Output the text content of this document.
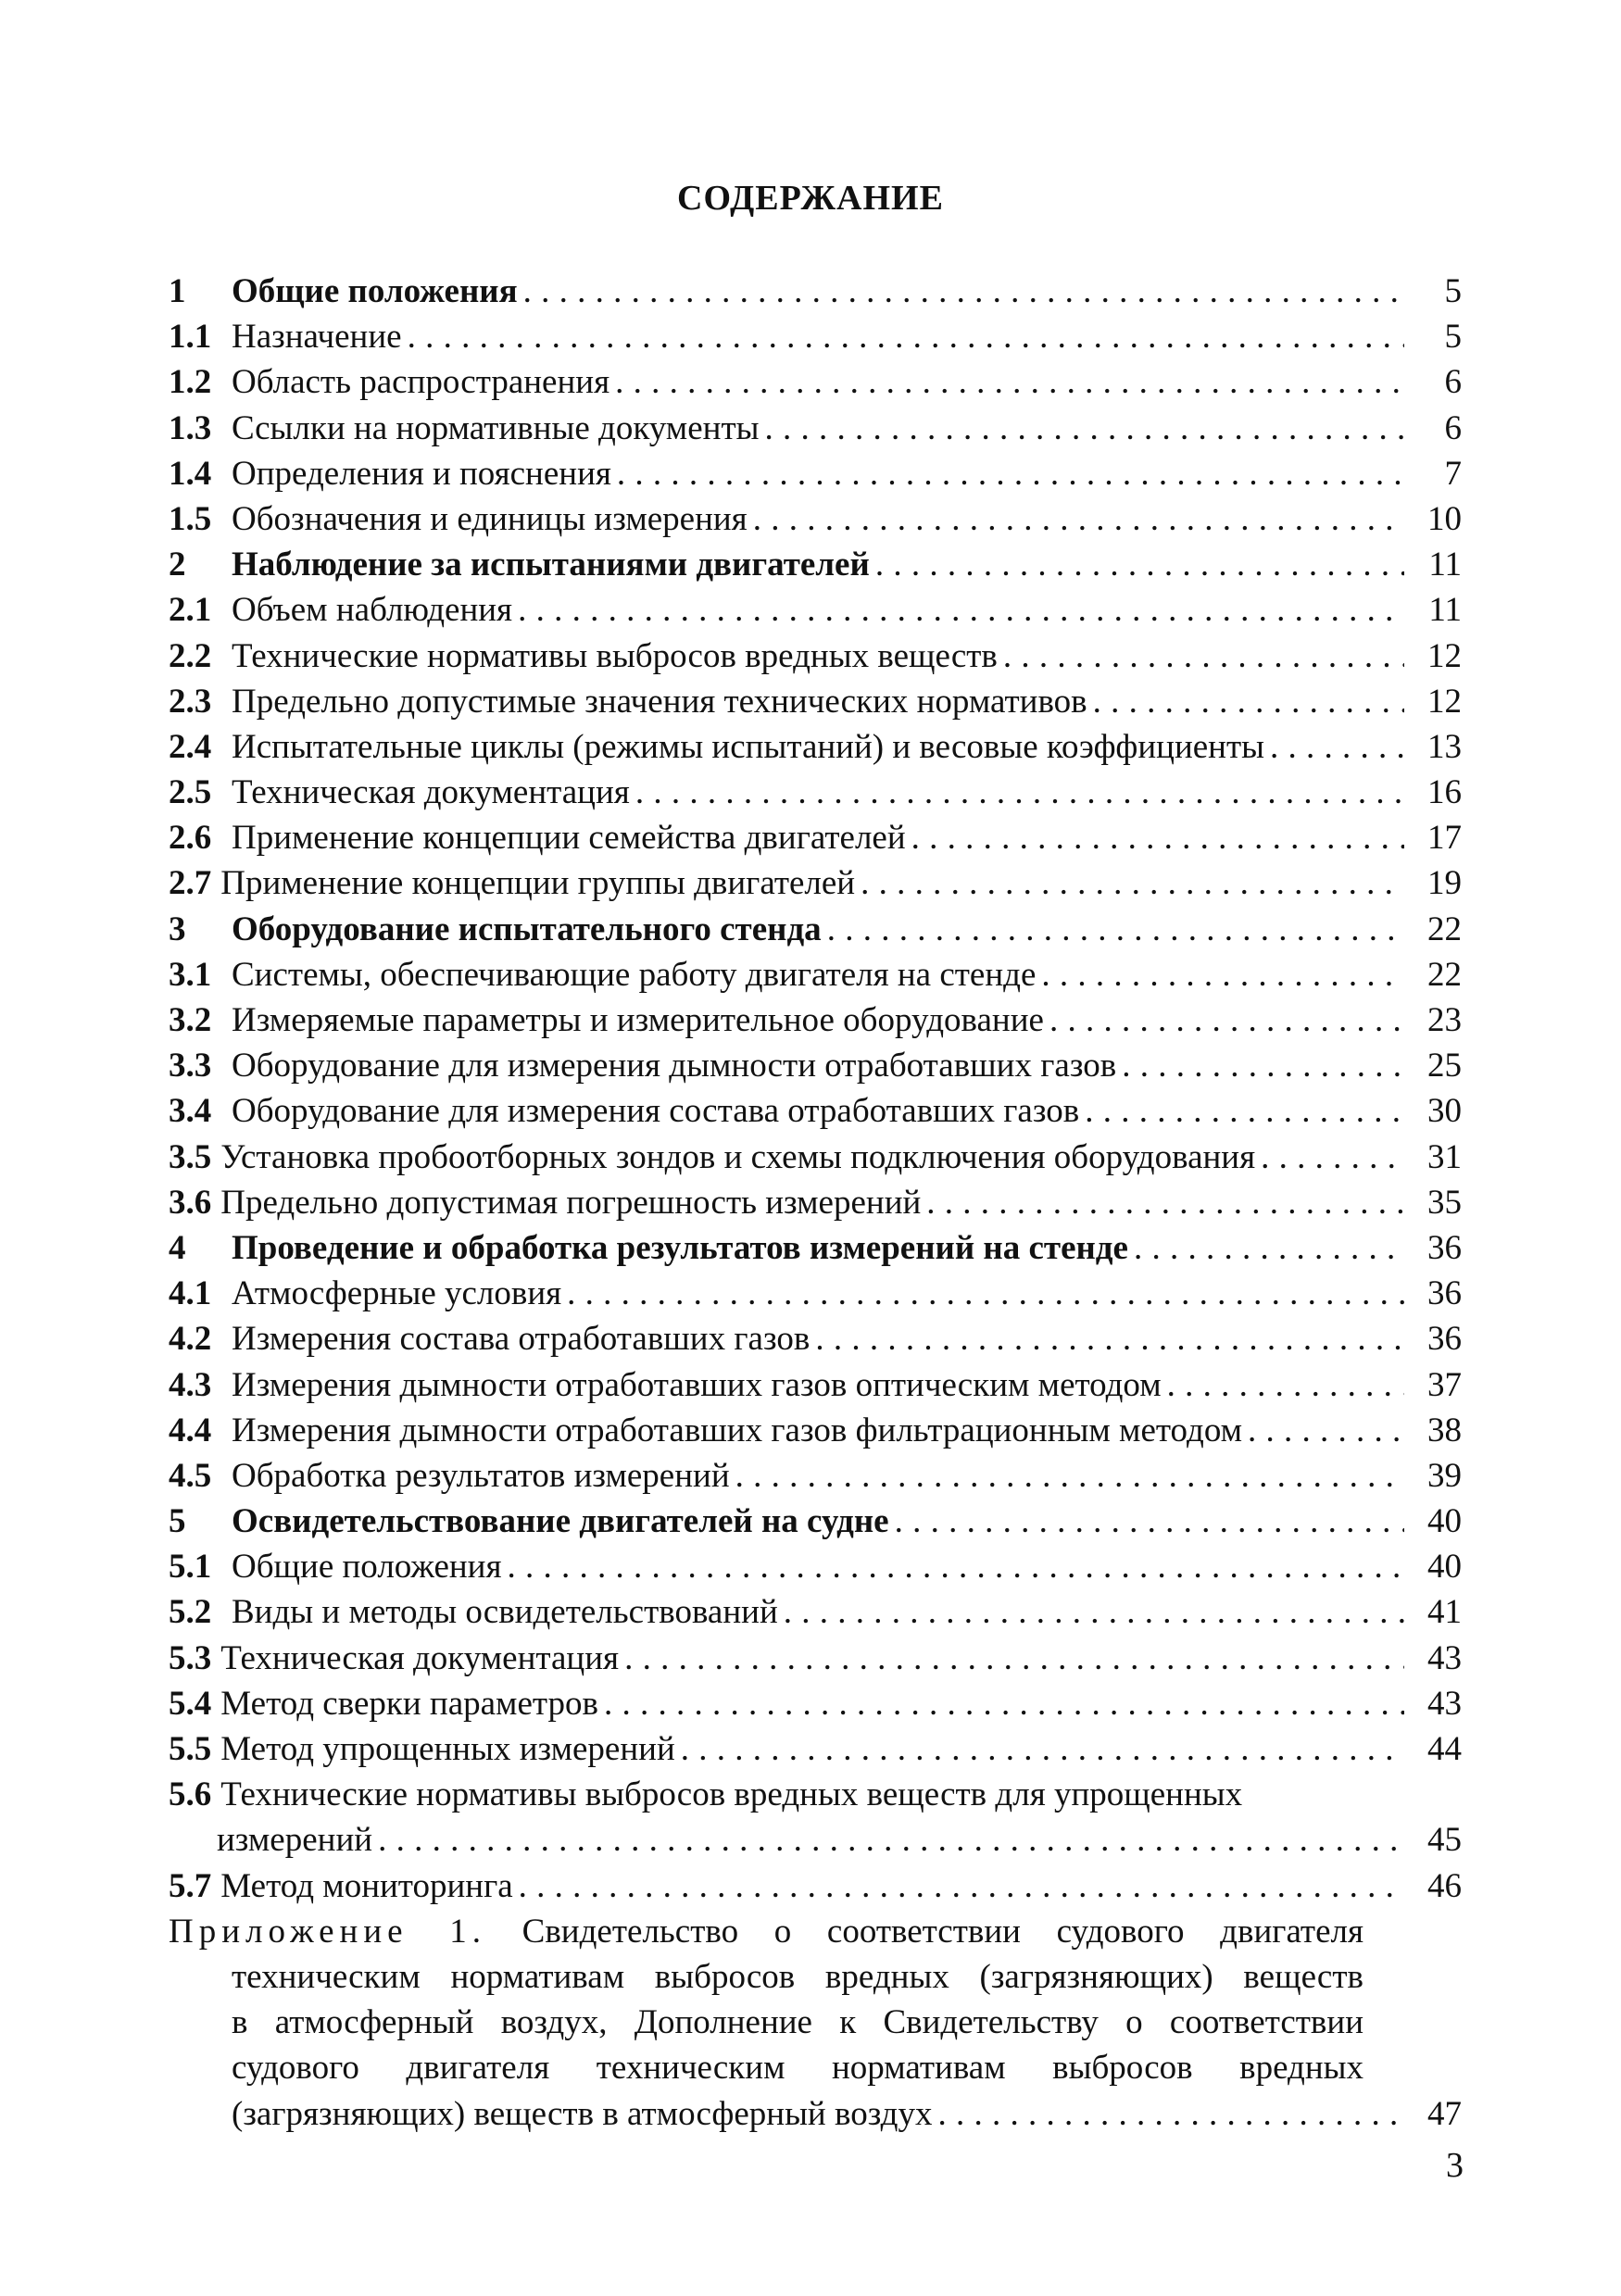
СОДЕРЖАНИЕ
1	Общие положения . . .	5
1.1 Назначение . . .	5
1.2 Область распространения . . .	6
1.3 Ссылки на нормативные документы . . .	6
1.4 Определения и пояснения . . .	7
1.5 Обозначения и единицы измерения . . .	10
2	Наблюдение за испытаниями двигателей . . .	11
2.1 Объем наблюдения . . .	11
2.2 Технические нормативы выбросов вредных веществ . . .	12
2.3 Предельно допустимые значения технических нормативов . . .	12
2.4 Испытательные циклы (режимы испытаний) и весовые коэффициенты . . .	13
2.5 Техническая документация . . .	16
2.6 Применение концепции семейства двигателей . . .	17
2.7 Применение концепции группы двигателей . . .	19
3	Оборудование испытательного стенда . . .	22
3.1 Системы, обеспечивающие работу двигателя на стенде . . .	22
3.2 Измеряемые параметры и измерительное оборудование . . .	23
3.3 Оборудование для измерения дымности отработавших газов . . .	25
3.4 Оборудование для измерения состава отработавших газов . . .	30
3.5 Установка пробоотборных зондов и схемы подключения оборудования . . .	31
3.6 Предельно допустимая погрешность измерений . . .	35
4	Проведение и обработка результатов измерений на стенде . . .	36
4.1 Атмосферные условия . . .	36
4.2 Измерения состава отработавших газов . . .	36
4.3 Измерения дымности отработавших газов оптическим методом . . .	37
4.4 Измерения дымности отработавших газов фильтрационным методом . . .	38
4.5 Обработка результатов измерений . . .	39
5	Освидетельствование двигателей на судне . . .	40
5.1 Общие положения . . .	40
5.2 Виды и методы освидетельствований . . .	41
5.3 Техническая документация . . .	43
5.4 Метод сверки параметров . . .	43
5.5 Метод упрощенных измерений . . .	44
5.6 Технические нормативы выбросов вредных веществ для упрощенных
измерений . . .	45
5.7 Метод мониторинга . . .	46
Приложение 1. Свидетельство о соответствии судового двигателя
техническим нормативам выбросов вредных (загрязняющих) веществ
в атмосферный воздух, Дополнение к Свидетельству о соответствии
судового двигателя техническим нормативам выбросов вредных
(загрязняющих) веществ в атмосферный воздух . . .	47
3
